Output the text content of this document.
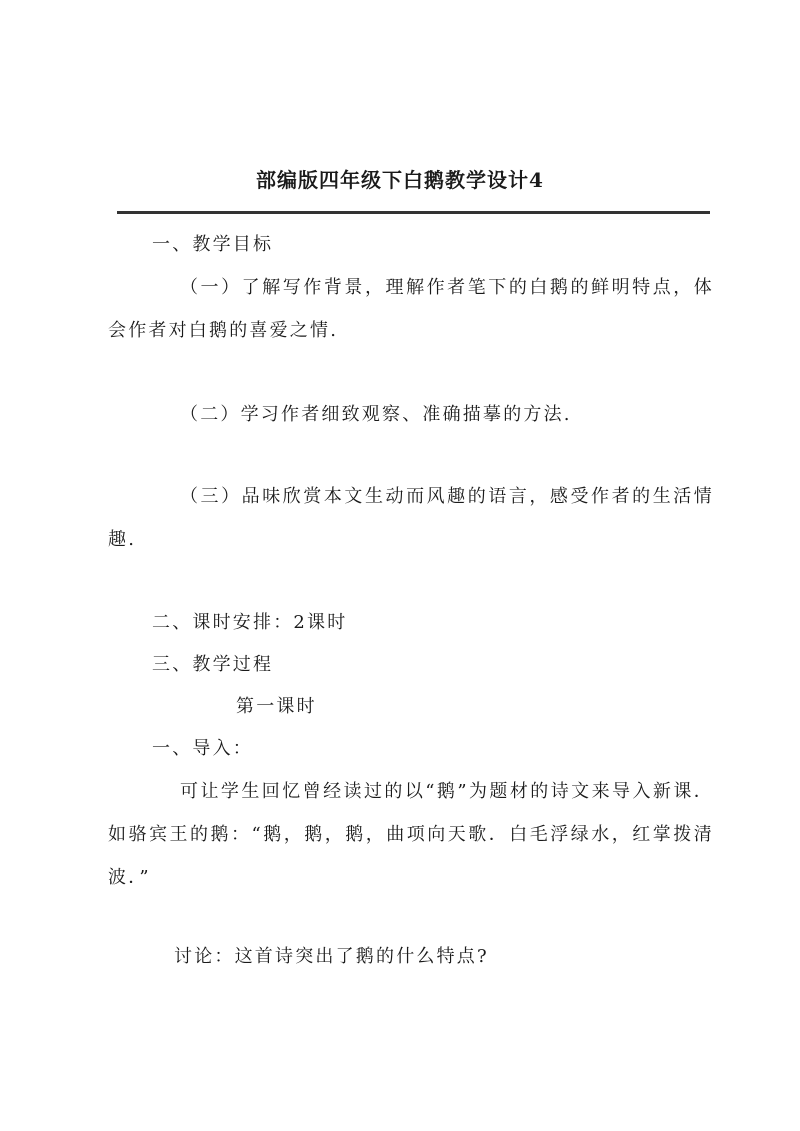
部编版四年级下白鹅教学设计4
一、教学目标
（一）了解写作背景，理解作者笔下的白鹅的鲜明特点，体会作者对白鹅的喜爱之情.
（二）学习作者细致观察、准确描摹的方法.
（三）品味欣赏本文生动而风趣的语言，感受作者的生活情趣.
二、课时安排：2课时
三、教学过程
第一课时
一、导入：
可让学生回忆曾经读过的以“鹅”为题材的诗文来导入新课．如骆宾王的鹅：“鹅，鹅，鹅，曲项向天歌．白毛浮绿水，红掌拨清波．”
讨论：这首诗突出了鹅的什么特点?
